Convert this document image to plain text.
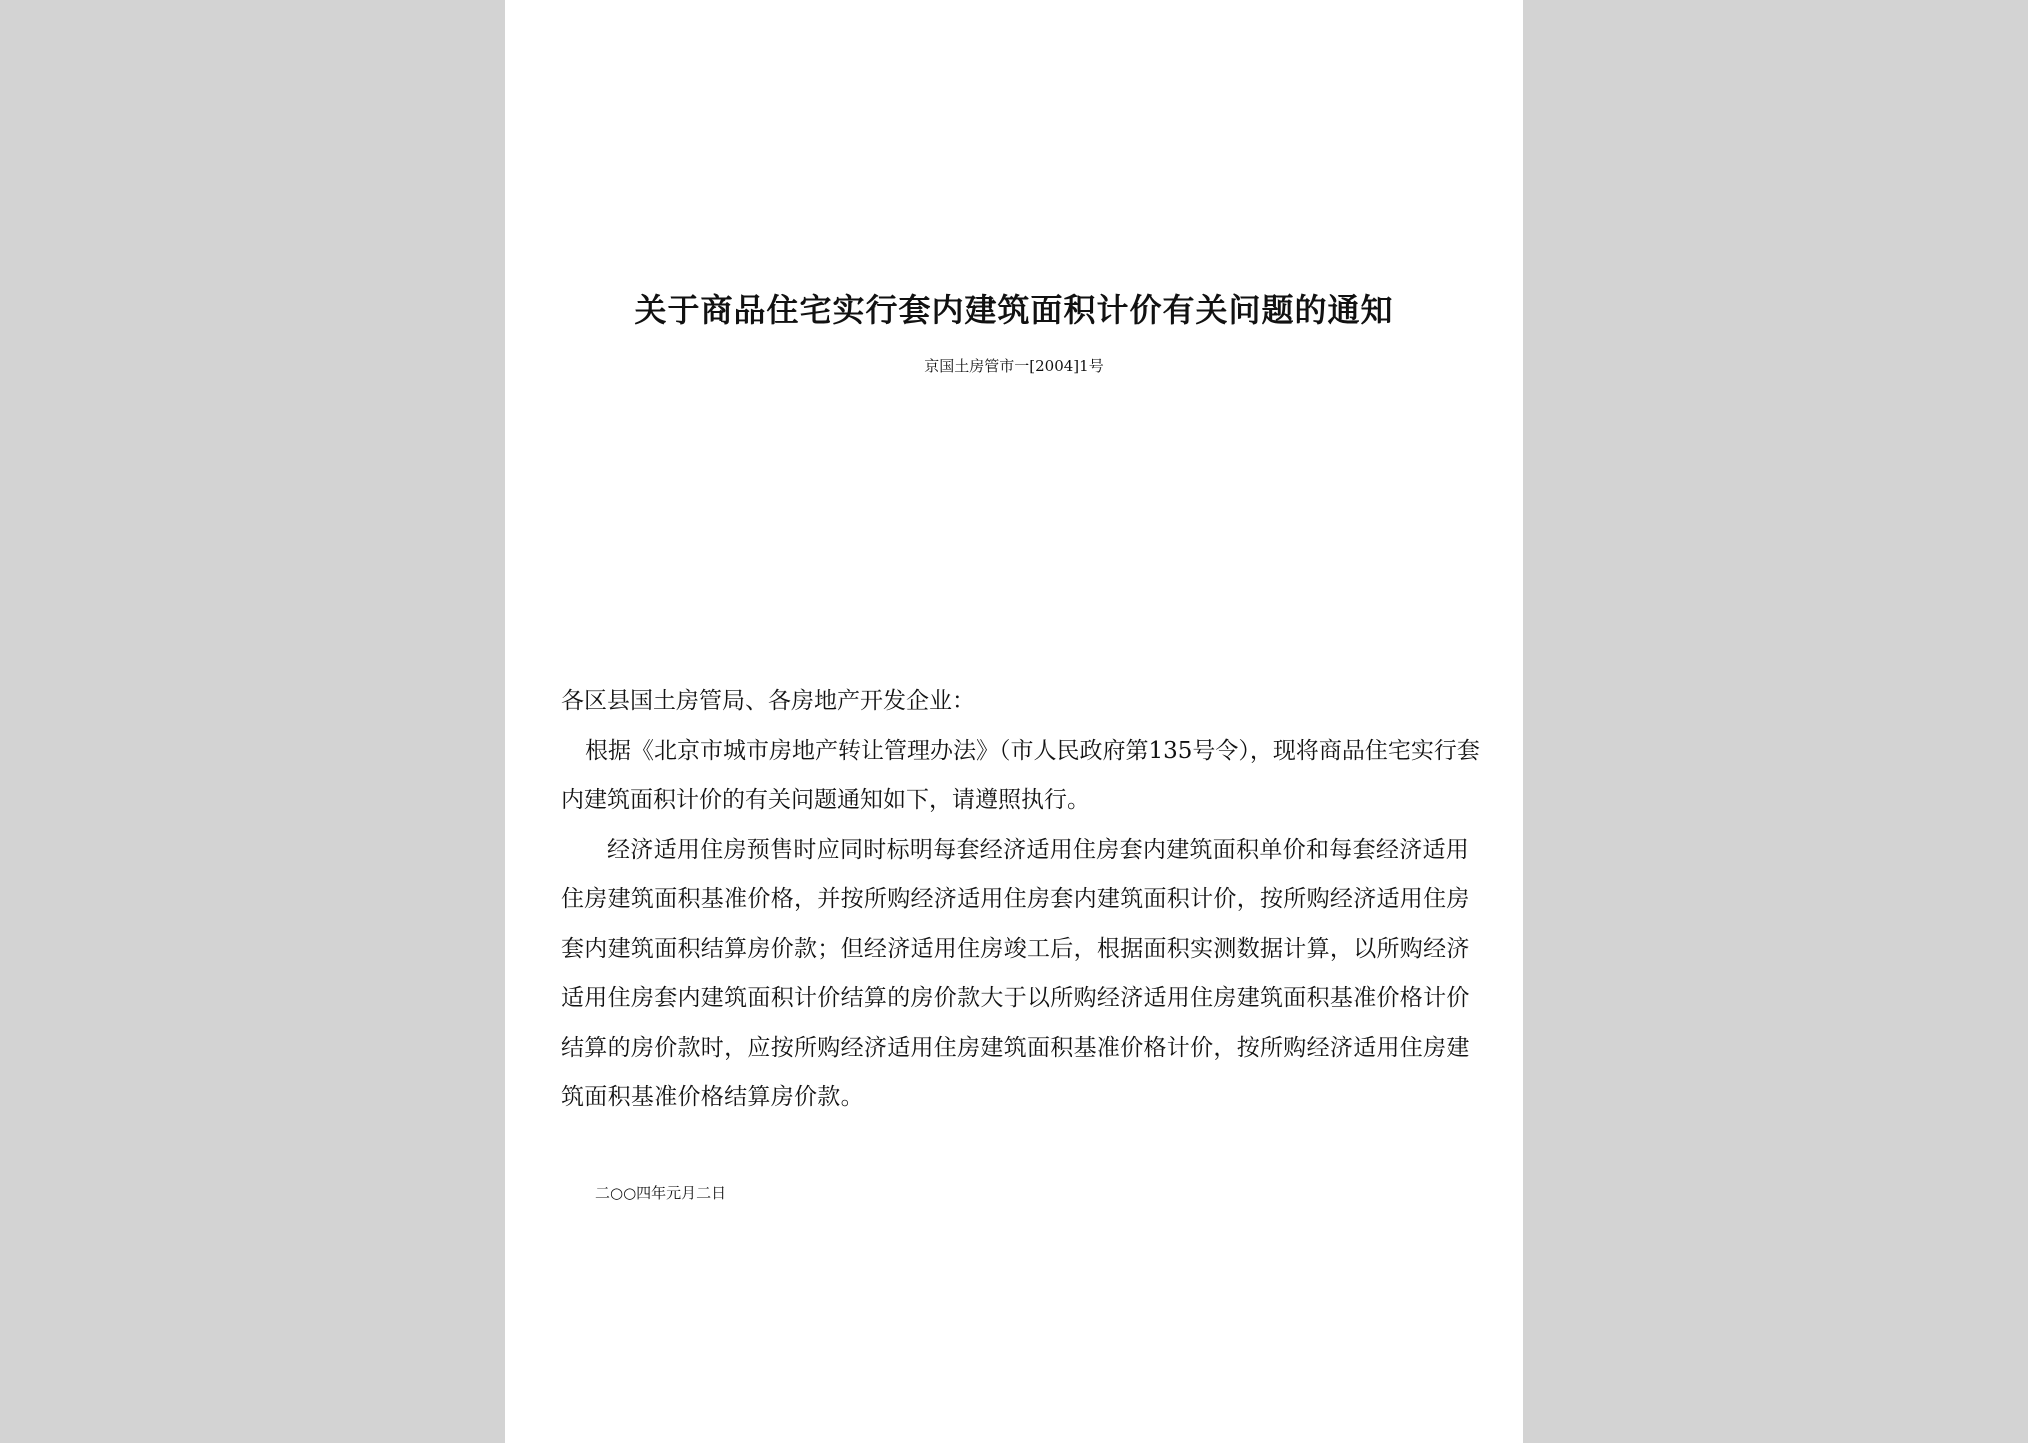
关于商品住宅实行套内建筑面积计价有关问题的通知

京国土房管市一[2004]1号

各区县国土房管局、各房地产开发企业：

根据《北京市城市房地产转让管理办法》（市人民政府第135号令），现将商品住宅实行套内建筑面积计价的有关问题通知如下，请遵照执行。

经济适用住房预售时应同时标明每套经济适用住房套内建筑面积单价和每套经济适用住房建筑面积基准价格，并按所购经济适用住房套内建筑面积计价，按所购经济适用住房套内建筑面积结算房价款；但经济适用住房竣工后，根据面积实测数据计算，以所购经济适用住房套内建筑面积计价结算的房价款大于以所购经济适用住房建筑面积基准价格计价结算的房价款时，应按所购经济适用住房建筑面积基准价格计价，按所购经济适用住房建筑面积基准价格结算房价款。

二○○四年元月二日
